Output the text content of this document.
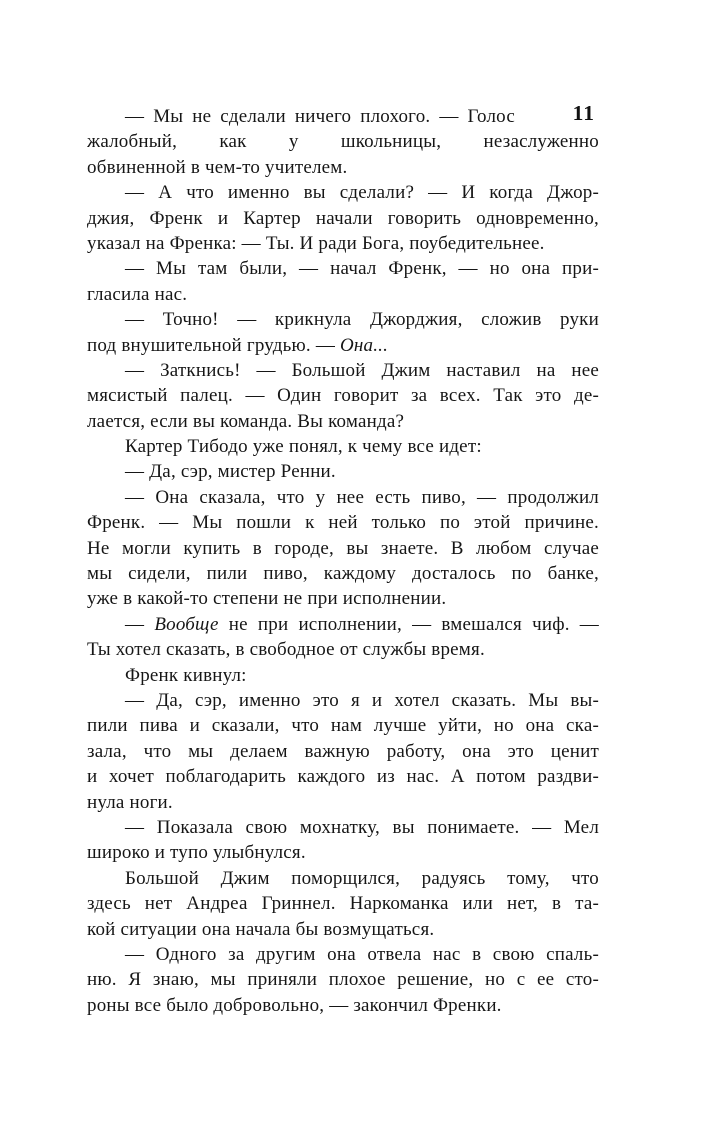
11
— Мы не сделали ничего плохого. — Голос
жалобный, как у школьницы, незаслуженно
обвиненной в чем-то учителем.
— А что именно вы сделали? — И когда Джор-
джия, Френк и Картер начали говорить одновременно,
указал на Френка: — Ты. И ради Бога, поубедительнее.
— Мы там были, — начал Френк, — но она при-
гласила нас.
— Точно! — крикнула Джорджия, сложив руки
под внушительной грудью. — Она...
— Заткнись! — Большой Джим наставил на нее
мясистый палец. — Один говорит за всех. Так это де-
лается, если вы команда. Вы команда?
Картер Тибодо уже понял, к чему все идет:
— Да, сэр, мистер Ренни.
— Она сказала, что у нее есть пиво, — продолжил
Френк. — Мы пошли к ней только по этой причине.
Не могли купить в городе, вы знаете. В любом случае
мы сидели, пили пиво, каждому досталось по банке,
уже в какой-то степени не при исполнении.
— Вообще не при исполнении, — вмешался чиф. —
Ты хотел сказать, в свободное от службы время.
Френк кивнул:
— Да, сэр, именно это я и хотел сказать. Мы вы-
пили пива и сказали, что нам лучше уйти, но она ска-
зала, что мы делаем важную работу, она это ценит
и хочет поблагодарить каждого из нас. А потом раздви-
нула ноги.
— Показала свою мохнатку, вы понимаете. — Мел
широко и тупо улыбнулся.
Большой Джим поморщился, радуясь тому, что
здесь нет Андреа Гриннел. Наркоманка или нет, в та-
кой ситуации она начала бы возмущаться.
— Одного за другим она отвела нас в свою спаль-
ню. Я знаю, мы приняли плохое решение, но с ее сто-
роны все было добровольно, — закончил Френки.
